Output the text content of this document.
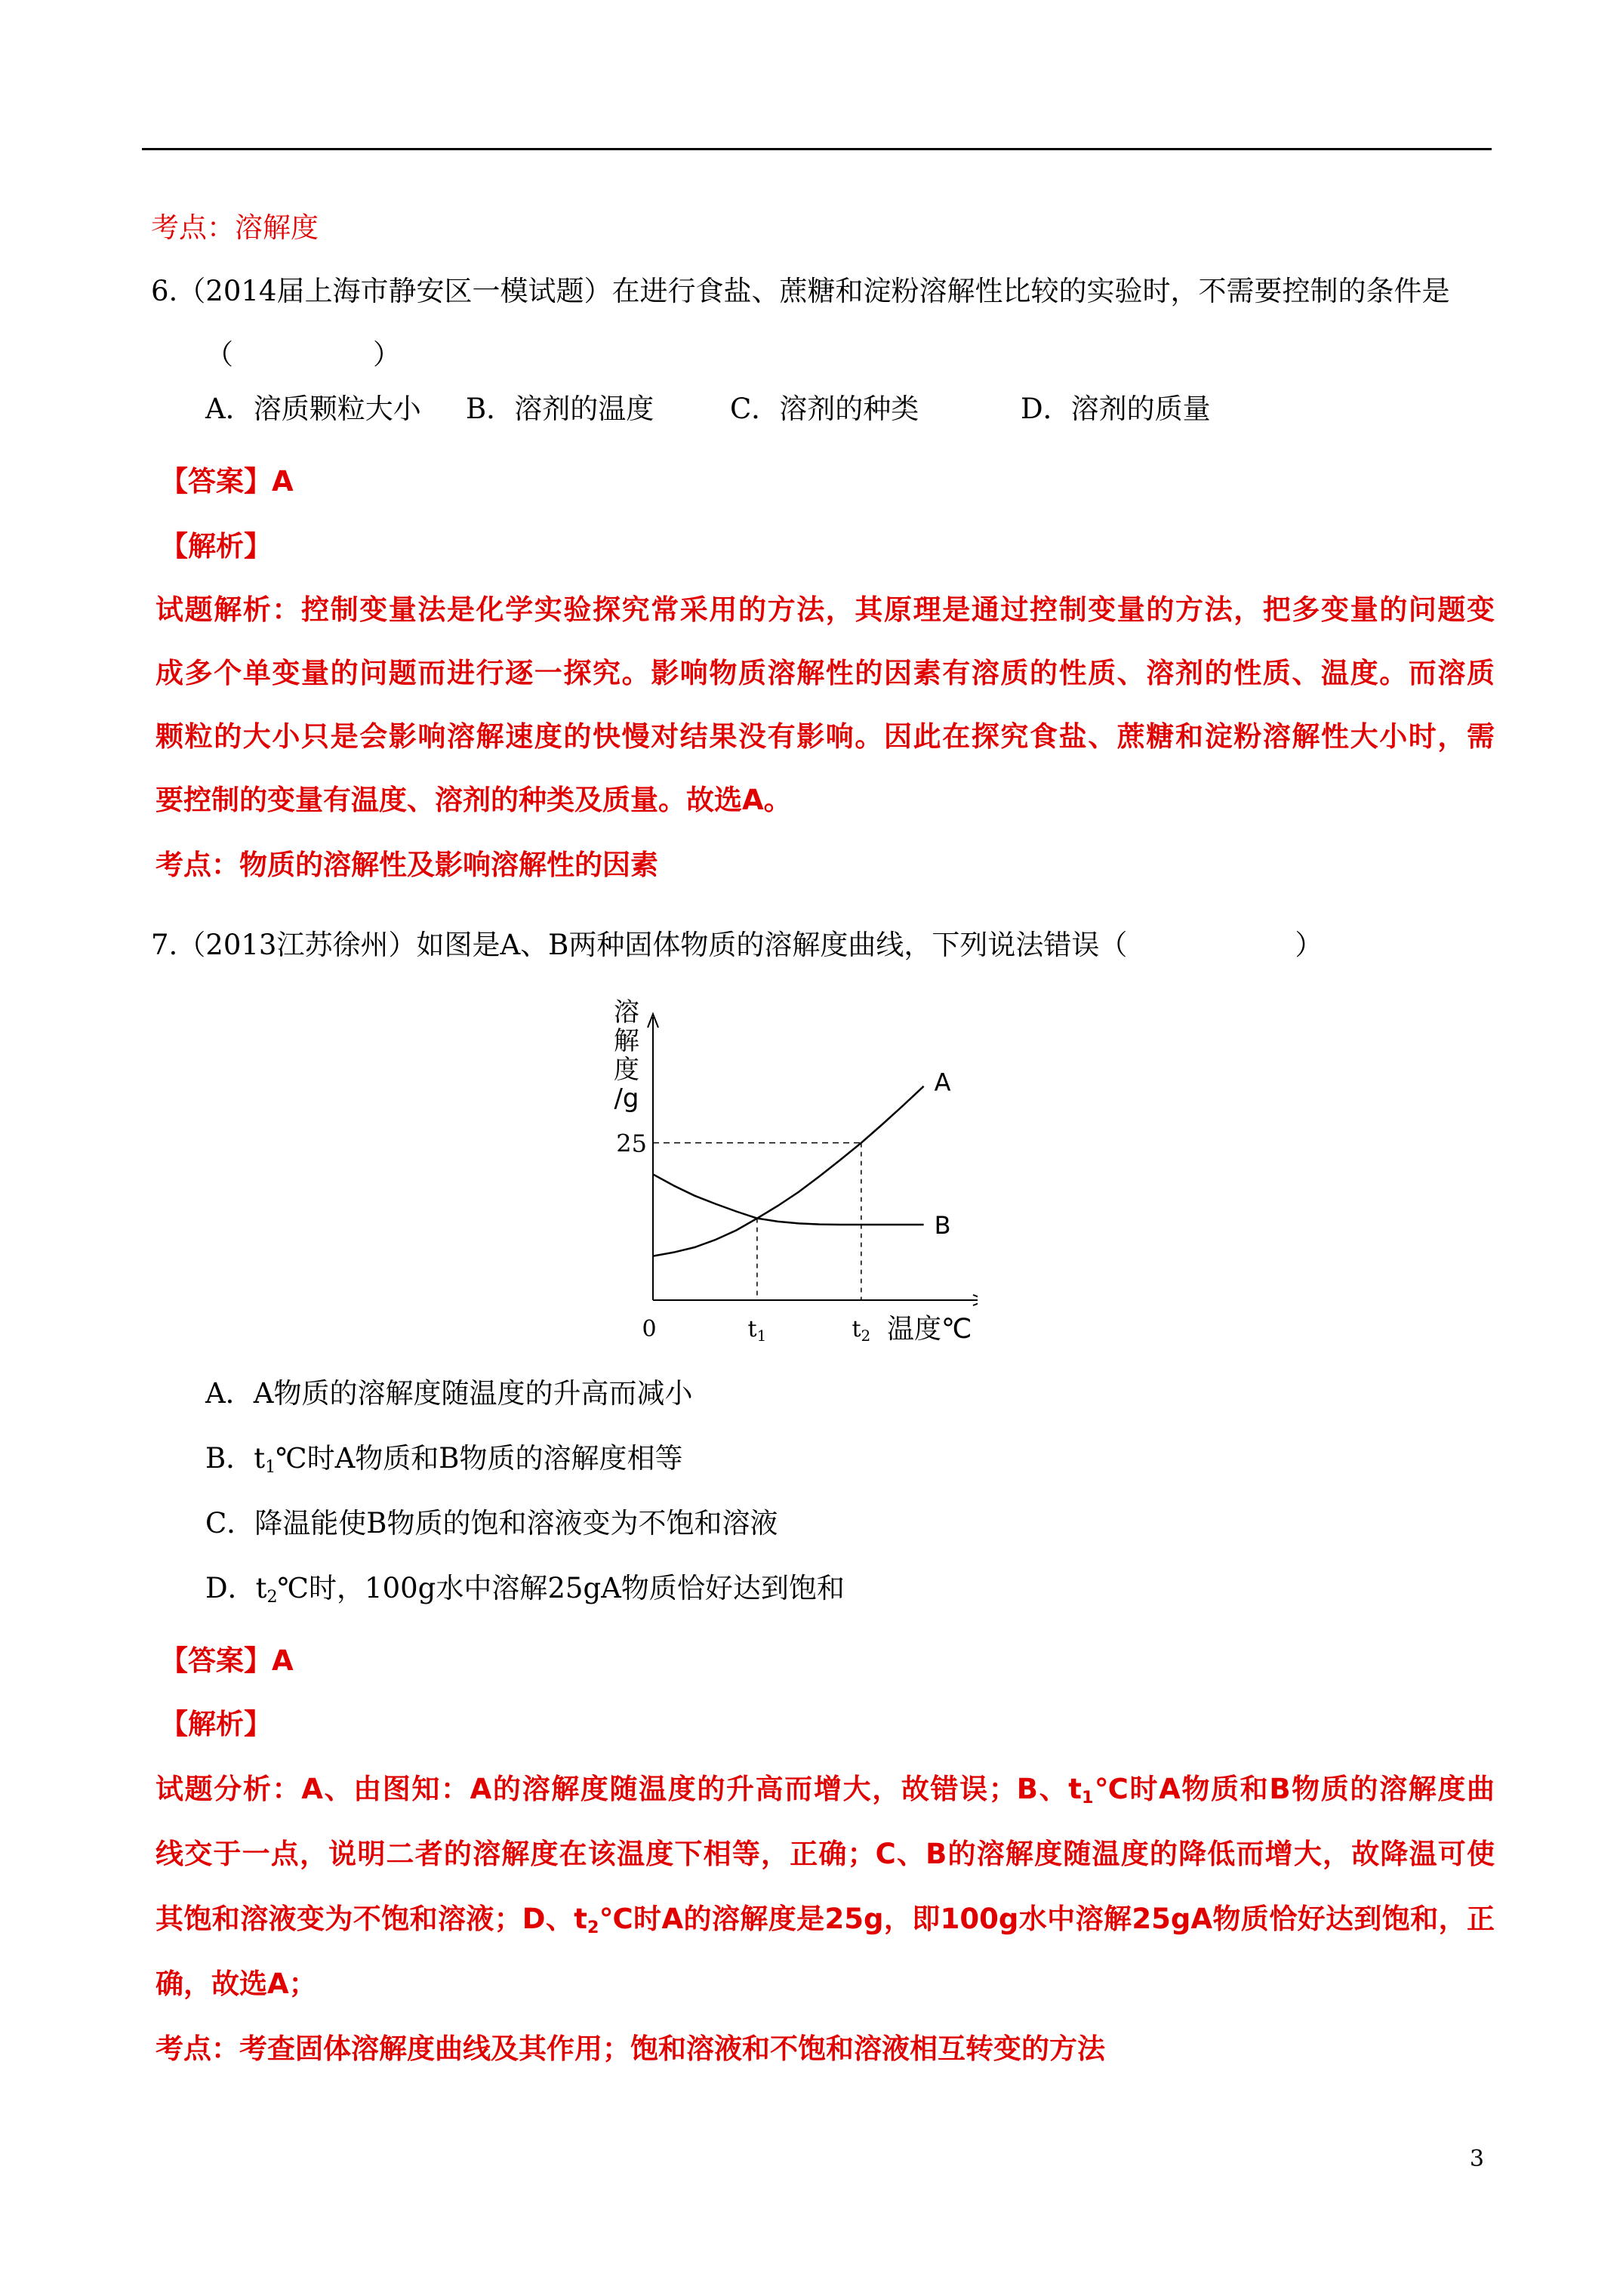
考点：溶解度
6.（2014届上海市静安区一模试题）在进行食盐、蔗糖和淀粉溶解性比较的实验时，不需要控制的条件是
（　　　　　）
A．溶质颗粒大小 B．溶剂的温度	C．溶剂的种类	D．溶剂的质量
【答案】A
【解析】
试题解析：控制变量法是化学实验探究常采用的方法，其原理是通过控制变量的方法，把多变量的问题变
成多个单变量的问题而进行逐一探究。影响物质溶解性的因素有溶质的性质、溶剂的性质、温度。而溶质
颗粒的大小只是会影响溶解速度的快慢对结果没有影响。因此在探究食盐、蔗糖和淀粉溶解性大小时，需
要控制的变量有温度、溶剂的种类及质量。故选A。
考点：物质的溶解性及影响溶解性的因素
7.（2013江苏徐州）如图是A、B两种固体物质的溶解度曲线，下列说法错误（　　　　　　）
溶
解
度
/g
25
0	$t_1$	$t_2$ 温度℃
A
B
A．A物质的溶解度随温度的升高而减小
B．$t_1℃$时A物质和B物质的溶解度相等
C．降温能使B物质的饱和溶液变为不饱和溶液
D．$t_2℃$时，100g水中溶解25gA物质恰好达到饱和
【答案】A
【解析】
试题分析：A、由图知：A的溶解度随温度的升高而增大，故错误；B、$t_1℃$时A物质和B物质的溶解度曲
线交于一点，说明二者的溶解度在该温度下相等，正确；C、B的溶解度随温度的降低而增大，故降温可使
其饱和溶液变为不饱和溶液；D、$t_2℃$时A的溶解度是25g，即100g水中溶解25gA物质恰好达到饱和，正
确，故选A；
考点：考查固体溶解度曲线及其作用；饱和溶液和不饱和溶液相互转变的方法
3
